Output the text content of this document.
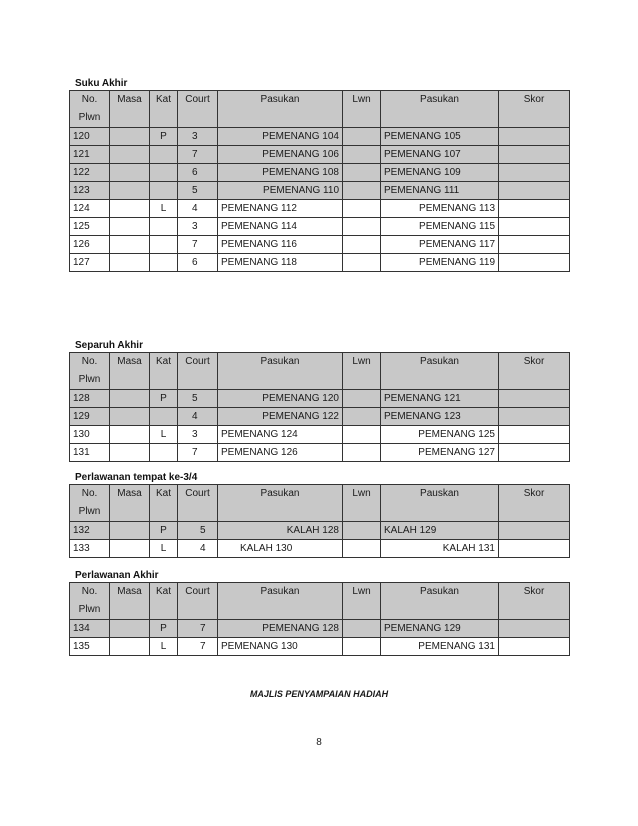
Suku Akhir
No.
Plwn	Masa	Kat	Court	Pasukan	Lwn	Pasukan	Skor
120		P	3	PEMENANG 104		PEMENANG 105	
121			7	PEMENANG 106		PEMENANG 107	
122			6	PEMENANG 108		PEMENANG 109	
123			5	PEMENANG 110		PEMENANG 111	
124		L	4	PEMENANG 112		PEMENANG 113	
125			3	PEMENANG 114		PEMENANG 115	
126			7	PEMENANG 116		PEMENANG 117	
127			6	PEMENANG 118		PEMENANG 119	
Separuh Akhir
No.
Plwn	Masa	Kat	Court	Pasukan	Lwn	Pasukan	Skor
128		P	5	PEMENANG 120		PEMENANG 121	
129			4	PEMENANG 122		PEMENANG 123	
130		L	3	PEMENANG 124		PEMENANG 125	
131			7	PEMENANG 126		PEMENANG 127	
Perlawanan tempat ke-3/4
No.
Plwn	Masa	Kat	Court	Pasukan	Lwn	Pauskan	Skor
132		P	5	KALAH 128		KALAH 129	
133		L	4	KALAH 130		KALAH 131	
Perlawanan Akhir
No.
Plwn	Masa	Kat	Court	Pasukan	Lwn	Pasukan	Skor
134		P	7	PEMENANG 128		PEMENANG 129	
135		L	7	PEMENANG 130		PEMENANG 131	
MAJLIS PENYAMPAIAN HADIAH
8
